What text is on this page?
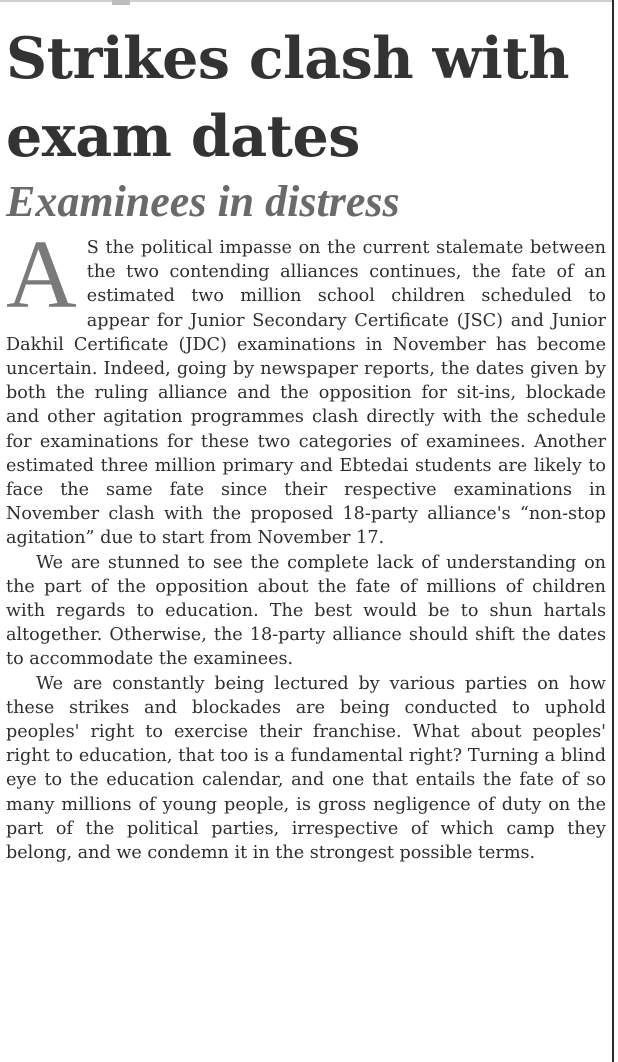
Strikes clash with exam dates
Examinees in distress

A S the political impasse on the current stalemate between the two contending alliances continues, the fate of an estimated two million school children scheduled to appear for Junior Secondary Certificate (JSC) and Junior Dakhil Certificate (JDC) examinations in November has become uncertain. Indeed, going by newspaper reports, the dates given by both the ruling alliance and the opposition for sit-ins, blockade and other agitation programmes clash directly with the schedule for examinations for these two categories of examinees. Another estimated three million primary and Ebtedai students are likely to face the same fate since their respective examinations in November clash with the proposed 18-party alliance's “non-stop agitation” due to start from November 17.

We are stunned to see the complete lack of understanding on the part of the opposition about the fate of millions of children with regards to education. The best would be to shun hartals altogether. Otherwise, the 18-party alliance should shift the dates to accommodate the examinees.

We are constantly being lectured by various parties on how these strikes and blockades are being conducted to uphold peoples' right to exercise their franchise. What about peoples' right to education, that too is a fundamental right? Turning a blind eye to the education calendar, and one that entails the fate of so many millions of young people, is gross negligence of duty on the part of the political parties, irrespective of which camp they belong, and we condemn it in the strongest possible terms.
